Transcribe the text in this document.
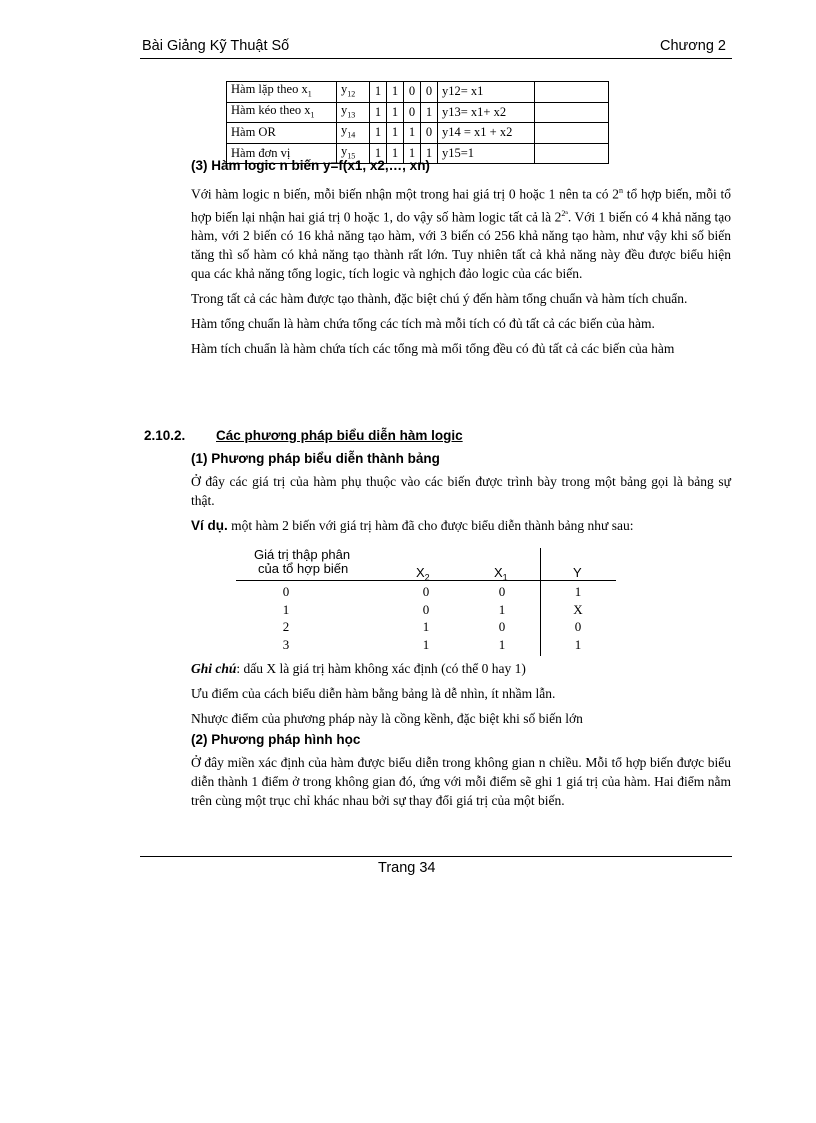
Bài Giảng Kỹ Thuật Số	Chương 2
Hàm lặp theo $x_1$	$y_{12}$	1	1	0	0	y12= x1	
Hàm kéo theo $x_1$	$y_{13}$	1	1	0	1	y13= x1+ x2	
Hàm OR	$y_{14}$	1	1	1	0	y14 = x1 + x2	
Hàm đơn vị	$y_{15}$	1	1	1	1	y15=1	
(3) Hàm logic n biến y=f(x1, x2,…, xn)

Với hàm logic n biến, mỗi biến nhận một trong hai giá trị 0 hoặc 1 nên ta có 2$^n$ tổ hợp biến, mỗi tổ hợp biến lại nhận hai giá trị 0 hoặc 1, do vậy số hàm logic tất cả là $2^{2^n}$. Với 1 biến có 4 khả năng tạo hàm, với 2 biến có 16 khả năng tạo hàm, với 3 biến có 256 khả năng tạo hàm, như vậy khi số biến tăng thì số hàm có khả năng tạo thành rất lớn. Tuy nhiên tất cả khả năng này đều được biểu hiện qua các khả năng tổng logic, tích logic và nghịch đảo logic của các biến.

Trong tất cả các hàm được tạo thành, đặc biệt chú ý đến hàm tổng chuẩn và hàm tích chuẩn.

Hàm tổng chuẩn là hàm chứa tổng các tích mà mỗi tích có đủ tất cả các biến của hàm.

Hàm tích chuẩn là hàm chứa tích các tổng mà mổi tổng đều có đủ tất cả các biến của hàm

2.10.2. Các phương pháp biểu diễn hàm logic
(1) Phương pháp biểu diễn thành bảng

Ở đây các giá trị của hàm phụ thuộc vào các biến được trình bày trong một bảng gọi là bảng sự thật.

Ví dụ. một hàm 2 biến với giá trị hàm đã cho được biểu diễn thành bảng như sau:

Giá trị thập phân
của tổ hợp biến	$X_2$	$X_1$	Y
0	0	0	1
1	0	1	X
2	1	0	0
3	1	1	1

Ghi chú: dấu X là giá trị hàm không xác định (có thể 0 hay 1)

Ưu điểm của cách biểu diễn hàm bằng bảng là dễ nhìn, ít nhầm lẫn.

Nhược điểm của phương pháp này là cồng kềnh, đặc biệt khi số biến lớn

(2) Phương pháp hình học

Ở đây miền xác định của hàm được biểu diễn trong không gian n chiều. Mỗi tổ hợp biến được biểu diễn thành 1 điểm ở trong không gian đó, ứng với mỗi điểm sẽ ghi 1 giá trị của hàm. Hai điểm nằm trên cùng một trục chỉ khác nhau bởi sự thay đổi giá trị của một biến.

Trang 34
